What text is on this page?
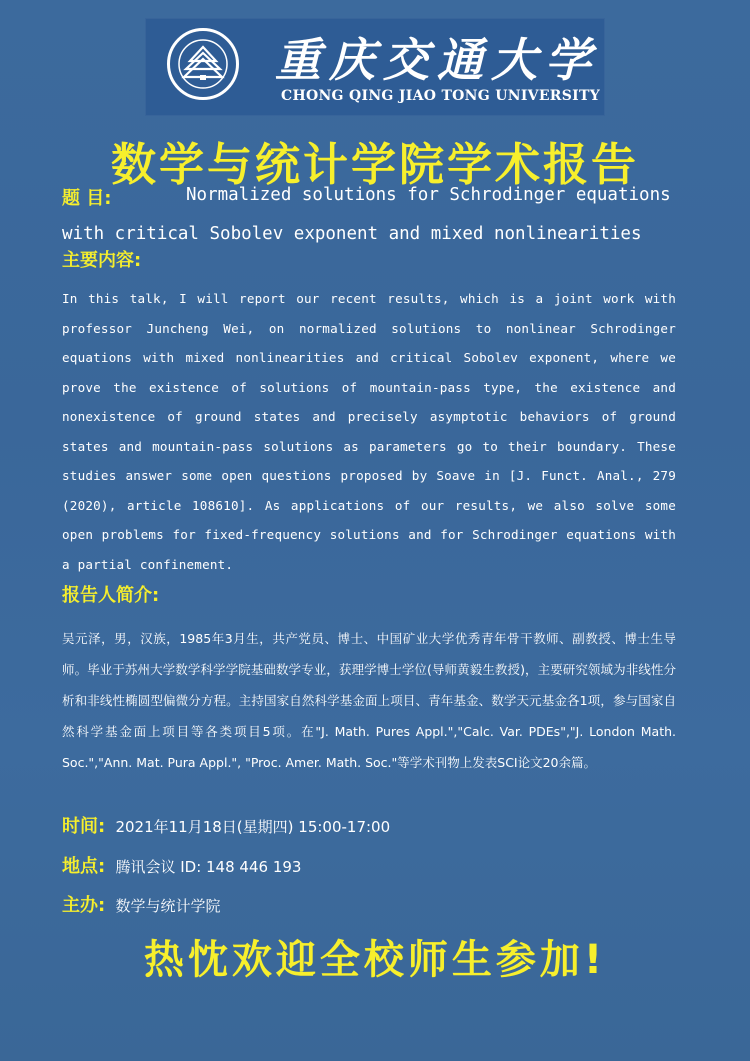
重庆交通大学
CHONG QING JIAO TONG UNIVERSITY
数学与统计学院学术报告
题 目:	Normalized solutions for Schrodinger equations
with critical Sobolev exponent and mixed nonlinearities
主要内容:
In this talk, I will report our recent results, which is a joint work with professor Juncheng Wei, on normalized solutions to nonlinear Schrodinger equations with mixed nonlinearities and critical Sobolev exponent, where we prove the existence of solutions of mountain-pass type, the existence and nonexistence of ground states and precisely asymptotic behaviors of ground states and mountain-pass solutions as parameters go to their boundary. These studies answer some open questions proposed by Soave in [J. Funct. Anal., 279 (2020), article 108610]. As applications of our results, we also solve some open problems for fixed-frequency solutions and for Schrodinger equations with a partial confinement.
报告人简介:
吴元泽，男，汉族，1985年3月生，共产党员、博士、中国矿业大学优秀青年骨干教师、副教授、博士生导师。毕业于苏州大学数学科学学院基础数学专业，获理学博士学位(导师黄毅生教授)，主要研究领域为非线性分析和非线性椭圆型偏微分方程。主持国家自然科学基金面上项目、青年基金、数学天元基金各1项，参与国家自然科学基金面上项目等各类项目5项。在"J. Math. Pures Appl.","Calc. Var. PDEs","J. London Math. Soc.","Ann. Mat. Pura Appl.", "Proc. Amer. Math. Soc."等学术刊物上发表SCI论文20余篇。
时间: 2021年11月18日(星期四) 15:00-17:00
地点: 腾讯会议 ID: 148 446 193
主办: 数学与统计学院
热忱欢迎全校师生参加!
